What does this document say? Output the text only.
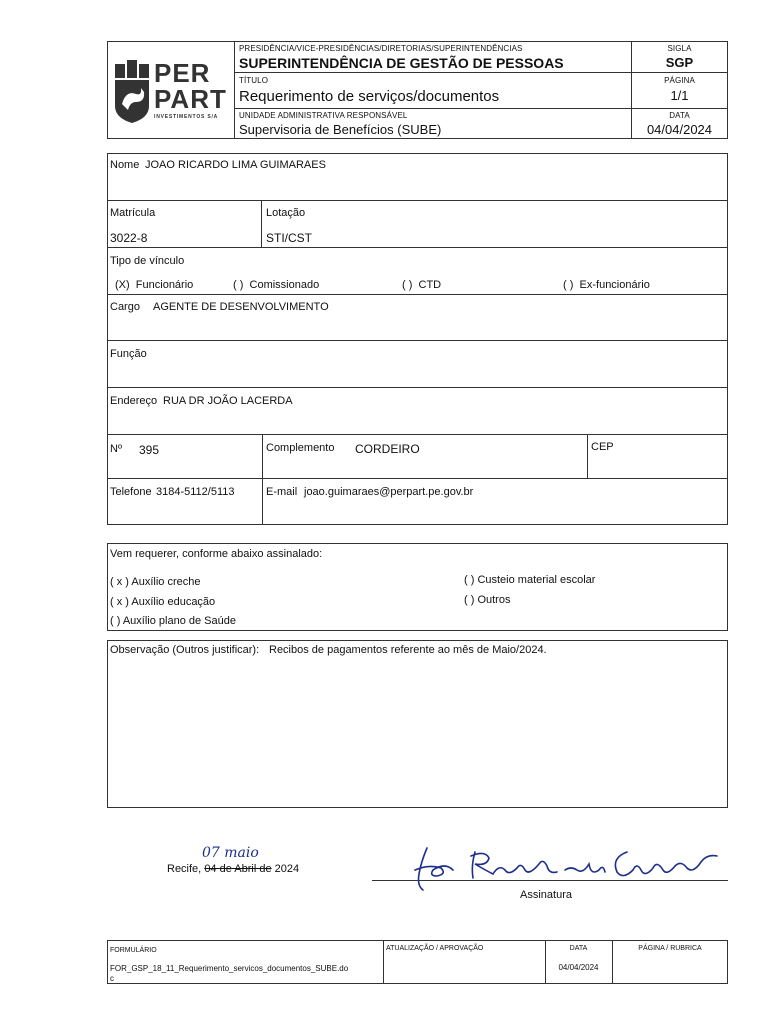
PER
PART
INVESTIMENTOS S/A
PRESIDÊNCIA/VICE-PRESIDÊNCIAS/DIRETORIAS/SUPERINTENDÊNCIAS
SUPERINTENDÊNCIA DE GESTÃO DE PESSOAS
TÍTULO
Requerimento de serviços/documentos
UNIDADE ADMINISTRATIVA RESPONSÁVEL
Supervisoria de Benefícios (SUBE)
SIGLA
SGP
PÁGINA
1/1
DATA
04/04/2024
Nome JOAO RICARDO LIMA GUIMARAES
Matrícula
3022-8
Lotação
STI/CST
Tipo de vínculo
(X) Funcionário	( ) Comissionado	( ) CTD	( ) Ex-funcionário
Cargo AGENTE DE DESENVOLVIMENTO
Função
Endereço RUA DR JOÃO LACERDA
Nº 395	Complemento CORDEIRO	CEP
Telefone 3184-5112/5113	E-mail joao.guimaraes@perpart.pe.gov.br
Vem requerer, conforme abaixo assinalado:
( x ) Auxílio creche
( x ) Auxílio educação
( ) Auxílio plano de Saúde
( ) Custeio material escolar
( ) Outros
Observação (Outros justificar): Recibos de pagamentos referente ao mês de Maio/2024.
07 maio
Recife, 04 de Abril de 2024
Assinatura
FORMULÁRIO
FOR_GSP_18_11_Requerimento_servicos_documentos_SUBE.do
c
ATUALIZAÇÃO / APROVAÇÃO	DATA
04/04/2024
PÁGINA / RUBRICA
